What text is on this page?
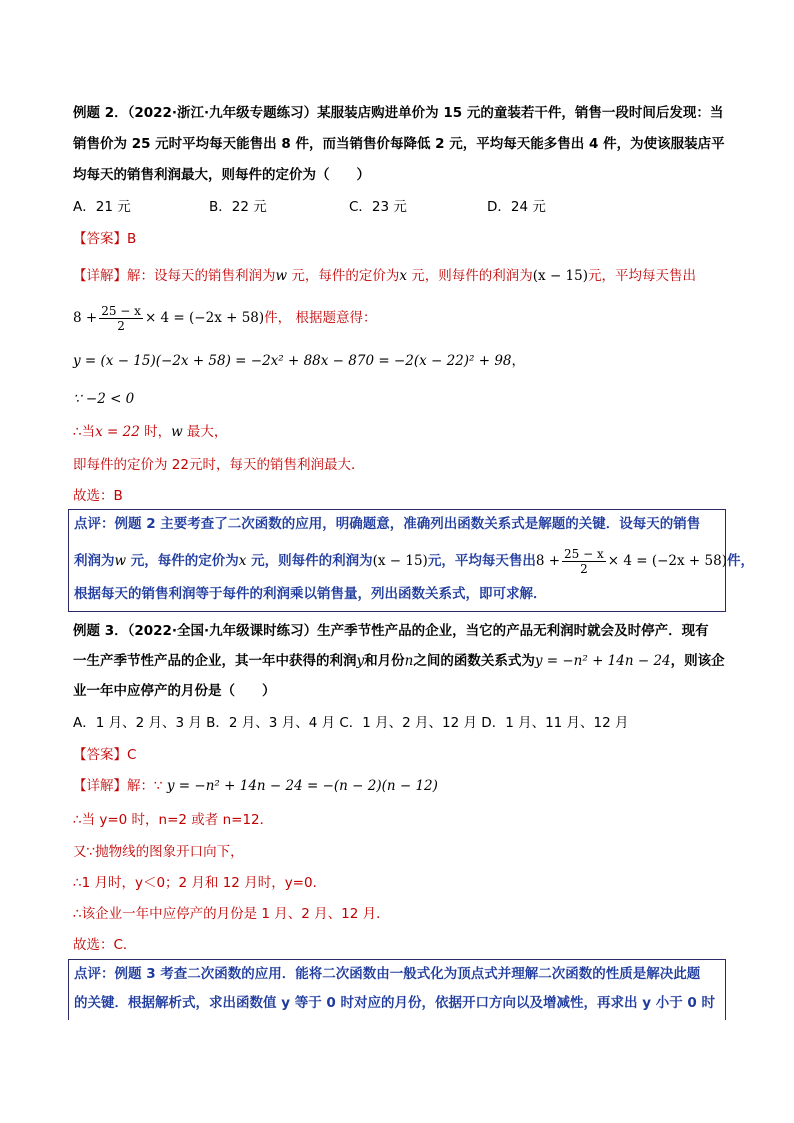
例题 2．（2022·浙江·九年级专题练习）某服装店购进单价为 15 元的童装若干件，销售一段时间后发现：当
销售价为 25 元时平均每天能售出 8 件，而当销售价每降低 2 元，平均每天能多售出 4 件，为使该服装店平
均每天的销售利润最大，则每件的定价为（　　）
A．21 元	B．22 元	C．23 元	D．24 元
【答案】B
【详解】解：设每天的销售利润为w 元，每件的定价为x 元，则每件的利润为(x − 15)元，平均每天售出
$8 + \frac{25 - x}{2} \times 4 = (-2x + 58)$件， 根据题意得：
y = (x − 15)(−2x + 58) = −2x² + 88x − 870 = −2(x − 22)² + 98，
∵ −2 < 0
∴当x = 22 时，w 最大，
即每件的定价为 22元时，每天的销售利润最大．
故选：B
点评：例题 2 主要考查了二次函数的应用，明确题意，准确列出函数关系式是解题的关键．设每天的销售
利润为w 元，每件的定价为x 元，则每件的利润为(x − 15)元，平均每天售出$8 + \frac{25 - x}{2} \times 4 = (-2x + 58)$件，
根据每天的销售利润等于每件的利润乘以销售量，列出函数关系式，即可求解．
例题 3．（2022·全国·九年级课时练习）生产季节性产品的企业，当它的产品无利润时就会及时停产．现有
一生产季节性产品的企业，其一年中获得的利润y和月份n之间的函数关系式为y = −n² + 14n − 24，则该企
业一年中应停产的月份是（　　）
A．1 月、2 月、3 月 B．2 月、3 月、4 月 C．1 月、2 月、12 月 D．1 月、11 月、12 月
【答案】C
【详解】解：∵ y = −n² + 14n − 24 = −(n − 2)(n − 12)
∴当 y=0 时，n=2 或者 n=12．
又∵抛物线的图象开口向下，
∴1 月时，y＜0；2 月和 12 月时，y=0．
∴该企业一年中应停产的月份是 1 月、2 月、12 月．
故选：C．
点评：例题 3 考查二次函数的应用．能将二次函数由一般式化为顶点式并理解二次函数的性质是解决此题
的关键．根据解析式，求出函数值 y 等于 0 时对应的月份，依据开口方向以及增减性，再求出 y 小于 0 时
